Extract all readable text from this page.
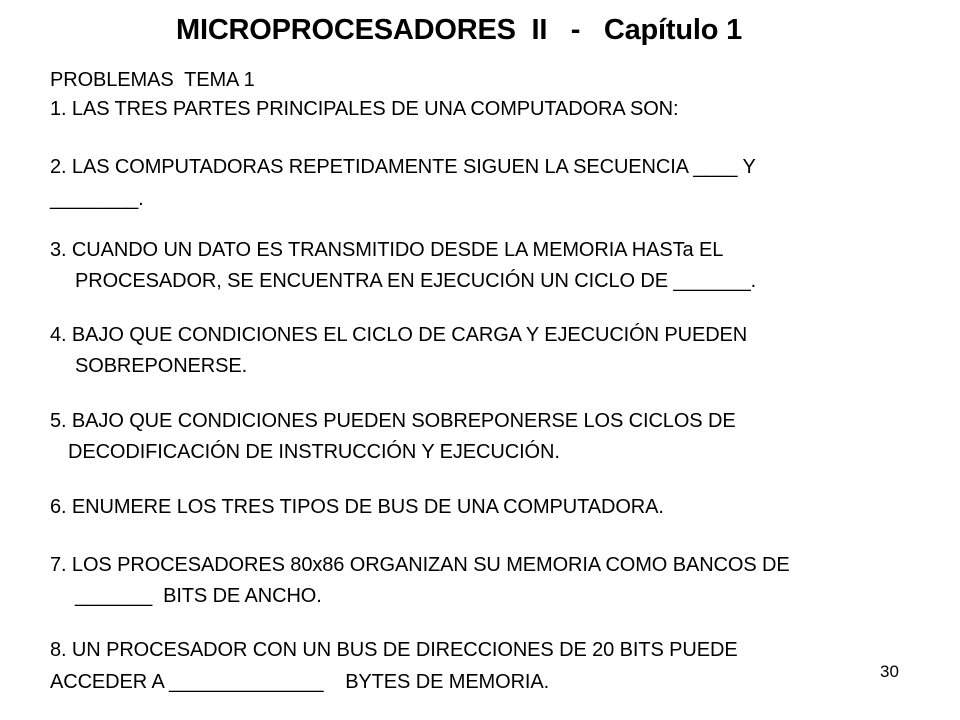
MICROPROCESADORES  II   -   Capítulo 1
PROBLEMAS  TEMA 1
1. LAS TRES PARTES PRINCIPALES DE UNA COMPUTADORA SON:
2. LAS COMPUTADORAS REPETIDAMENTE SIGUEN LA SECUENCIA ____ Y
________.
3. CUANDO UN DATO ES TRANSMITIDO DESDE LA MEMORIA HASTa EL
PROCESADOR, SE ENCUENTRA EN EJECUCIÓN UN CICLO DE _______.
4. BAJO QUE CONDICIONES EL CICLO DE CARGA Y EJECUCIÓN PUEDEN
SOBREPONERSE.
5. BAJO QUE CONDICIONES PUEDEN SOBREPONERSE LOS CICLOS DE
DECODIFICACIÓN DE INSTRUCCIÓN Y EJECUCIÓN.
6. ENUMERE LOS TRES TIPOS DE BUS DE UNA COMPUTADORA.
7. LOS PROCESADORES 80x86 ORGANIZAN SU MEMORIA COMO BANCOS DE
_______  BITS DE ANCHO.
8. UN PROCESADOR CON UN BUS DE DIRECCIONES DE 20 BITS PUEDE
ACCEDER A ______________    BYTES DE MEMORIA.	30
